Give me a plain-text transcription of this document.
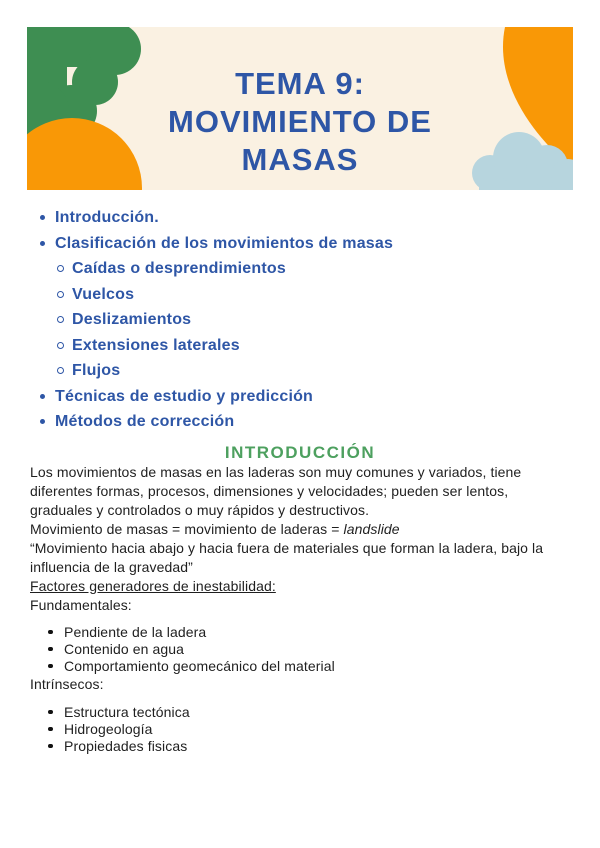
TEMA 9:
MOVIMIENTO DE
MASAS
Introducción.
Clasificación de los movimientos de masas
Caídas o desprendimientos
Vuelcos
Deslizamientos
Extensiones laterales
Flujos
Técnicas de estudio y predicción
Métodos de corrección
INTRODUCCIÓN

Los movimientos de masas en las laderas son muy comunes y variados, tiene diferentes formas, procesos, dimensiones y velocidades; pueden ser lentos, graduales y controlados o muy rápidos y destructivos.

Movimiento de masas = movimiento de laderas = landslide

“Movimiento hacia abajo y hacia fuera de materiales que forman la ladera, bajo la influencia de la gravedad”

Factores generadores de inestabilidad:

Fundamentales:

Pendiente de la ladera
Contenido en agua
Comportamiento geomecánico del material

Intrínsecos:

Estructura tectónica
Hidrogeología
Propiedades fisicas
